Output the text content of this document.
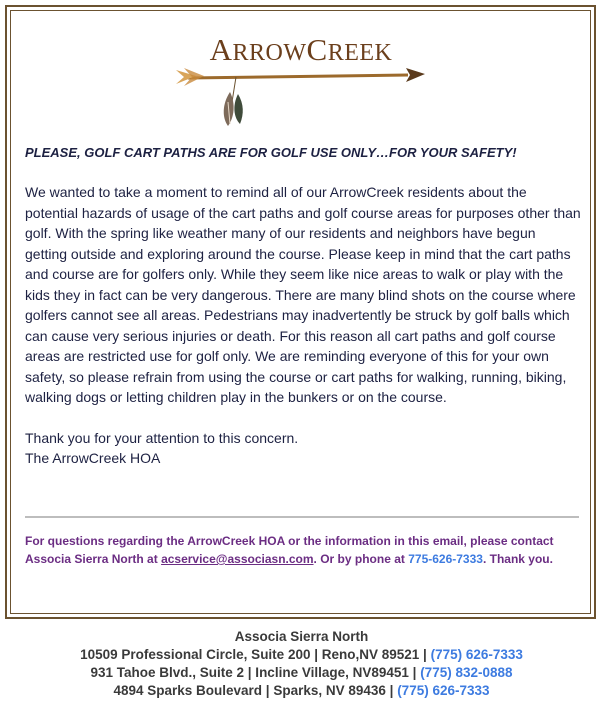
ARROWCREEK

PLEASE, GOLF CART PATHS ARE FOR GOLF USE ONLY…FOR YOUR SAFETY!

We wanted to take a moment to remind all of our ArrowCreek residents about the potential hazards of usage of the cart paths and golf course areas for purposes other than golf. With the spring like weather many of our residents and neighbors have begun getting outside and exploring around the course. Please keep in mind that the cart paths and course are for golfers only. While they seem like nice areas to walk or play with the kids they in fact can be very dangerous. There are many blind shots on the course where golfers cannot see all areas. Pedestrians may inadvertently be struck by golf balls which can cause very serious injuries or death. For this reason all cart paths and golf course areas are restricted use for golf only. We are reminding everyone of this for your own safety, so please refrain from using the course or cart paths for walking, running, biking, walking dogs or letting children play in the bunkers or on the course.

Thank you for your attention to this concern.
The ArrowCreek HOA

For questions regarding the ArrowCreek HOA or the information in this email, please contact Associa Sierra North at acservice@associasn.com. Or by phone at 775-626-7333. Thank you.
Associa Sierra North
10509 Professional Circle, Suite 200 | Reno,NV 89521 | (775) 626-7333
931 Tahoe Blvd., Suite 2 | Incline Village, NV89451 | (775) 832-0888
4894 Sparks Boulevard | Sparks, NV 89436 | (775) 626-7333
